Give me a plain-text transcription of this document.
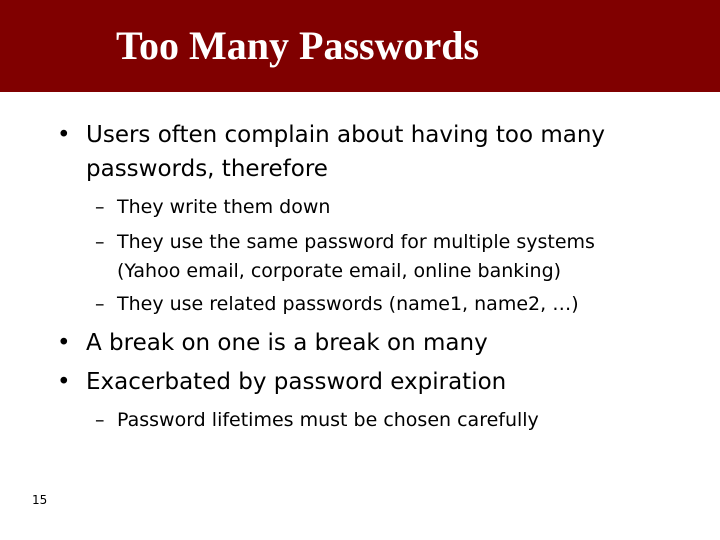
Too Many Passwords
• Users often complain about having too many
passwords, therefore
– They write them down
– They use the same password for multiple systems
(Yahoo email, corporate email, online banking)
– They use related passwords (name1, name2, …)
• A break on one is a break on many
• Exacerbated by password expiration
– Password lifetimes must be chosen carefully
15
